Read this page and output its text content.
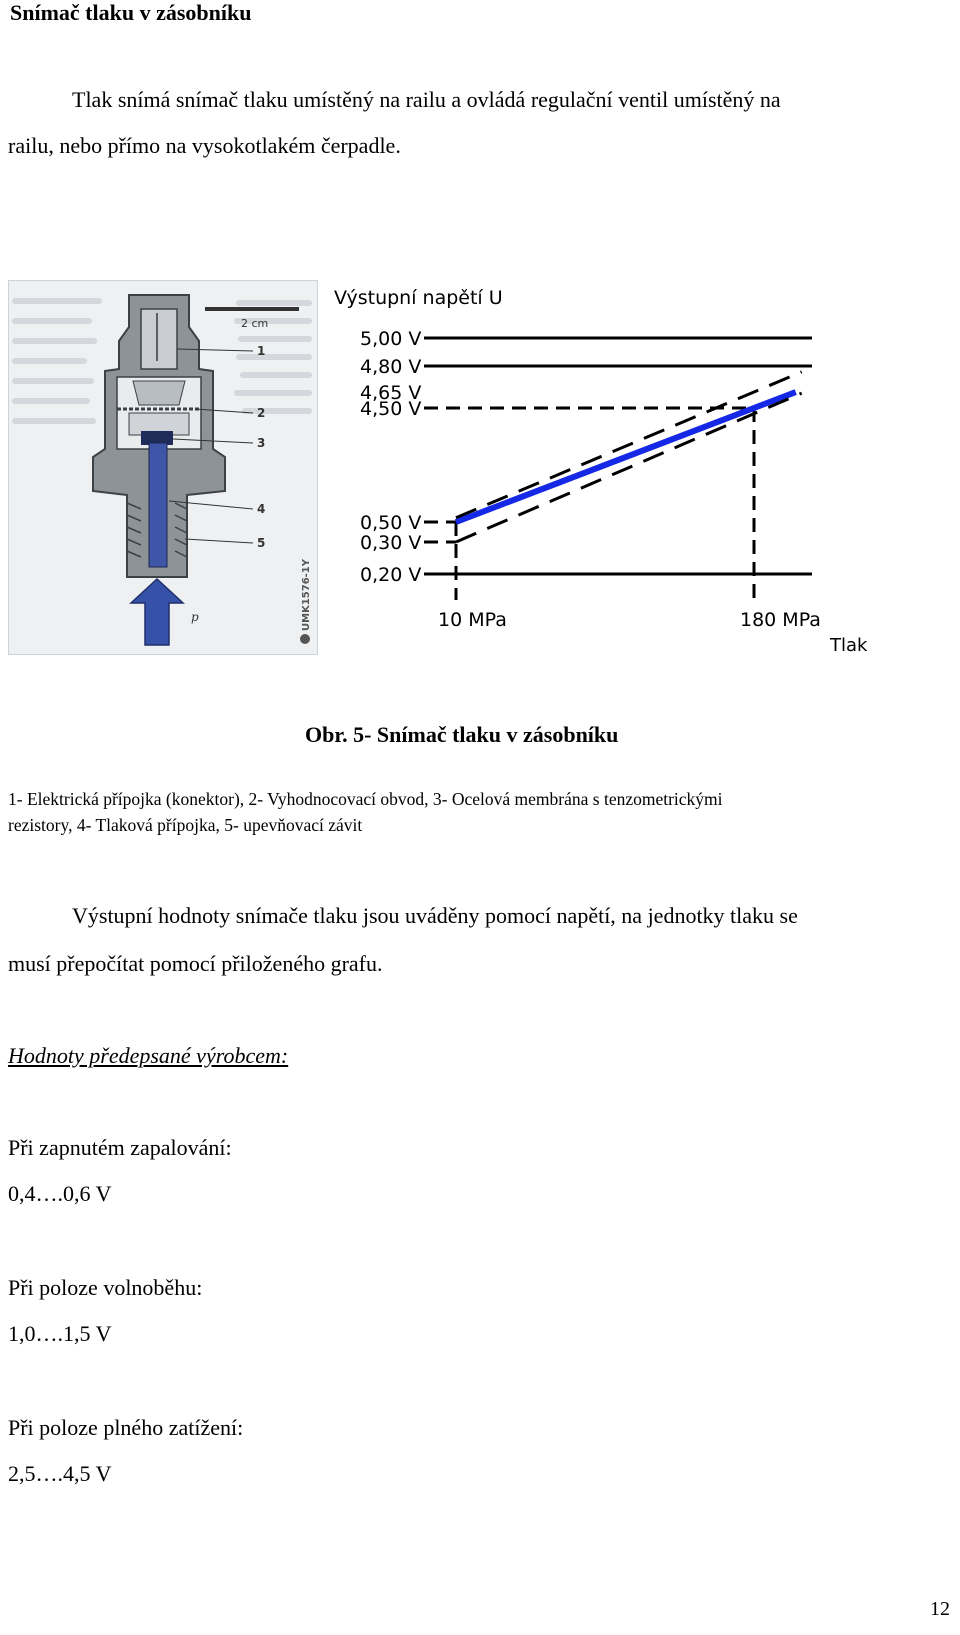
Snímač tlaku v zásobníku
Tlak snímá snímač tlaku umístěný na railu a ovládá regulační ventil umístěný na
railu, nebo přímo na vysokotlakém čerpadle.
2 cm
1
2
3
4
5
p	UMK1576-1Y
Výstupní napětí U
5,00 V
4,80 V
4,65 V
4,50 V
0,50 V
0,30 V
0,20 V
10 MPa	180 MPa
Tlak
Obr. 5- Snímač tlaku v zásobníku
1- Elektrická přípojka (konektor), 2- Vyhodnocovací obvod, 3- Ocelová membrána s tenzometrickými
rezistory, 4- Tlaková přípojka, 5- upevňovací závit
Výstupní hodnoty snímače tlaku jsou uváděny pomocí napětí, na jednotky tlaku se
musí přepočítat pomocí přiloženého grafu.
Hodnoty předepsané výrobcem:
Při zapnutém zapalování:
0,4….0,6 V
Při poloze volnoběhu:
1,0….1,5 V
Při poloze plného zatížení:
2,5….4,5 V
12
